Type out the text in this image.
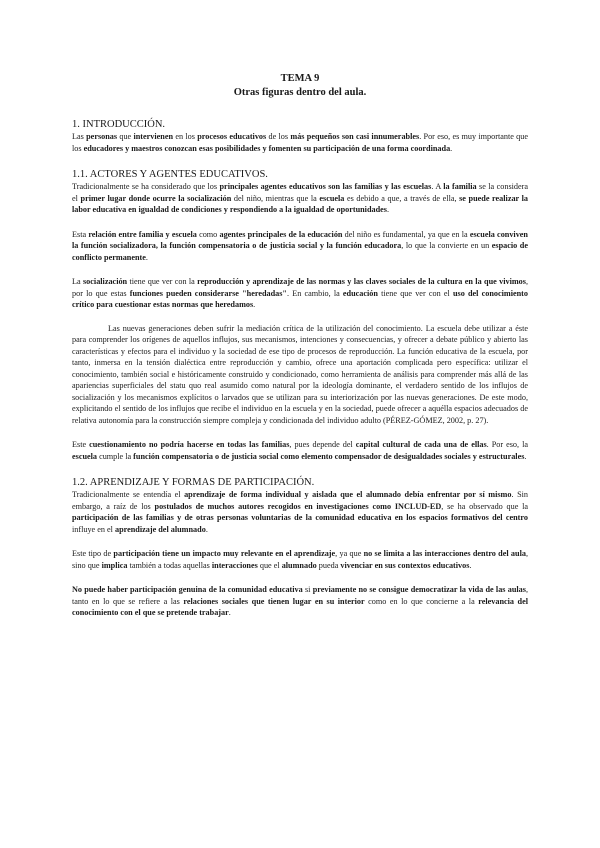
TEMA 9

Otras figuras dentro del aula.

1. INTRODUCCIÓN.

Las personas que intervienen en los procesos educativos de los más pequeños son casi innumerables. Por eso, es muy importante que los educadores y maestros conozcan esas posibilidades y fomenten su participación de una forma coordinada.

1.1. ACTORES Y AGENTES EDUCATIVOS.

Tradicionalmente se ha considerado que los principales agentes educativos son las familias y las escuelas. A la familia se la considera el primer lugar donde ocurre la socialización del niño, mientras que la escuela es debido a que, a través de ella, se puede realizar la labor educativa en igualdad de condiciones y respondiendo a la igualdad de oportunidades.

Esta relación entre familia y escuela como agentes principales de la educación del niño es fundamental, ya que en la escuela conviven la función socializadora, la función compensatoria o de justicia social y la función educadora, lo que la convierte en un espacio de conflicto permanente.

La socialización tiene que ver con la reproducción y aprendizaje de las normas y las claves sociales de la cultura en la que vivimos, por lo que estas funciones pueden considerarse "heredadas". En cambio, la educación tiene que ver con el uso del conocimiento crítico para cuestionar estas normas que heredamos.

Las nuevas generaciones deben sufrir la mediación crítica de la utilización del conocimiento. La escuela debe utilizar a éste para comprender los orígenes de aquellos influjos, sus mecanismos, intenciones y consecuencias, y ofrecer a debate público y abierto las características y efectos para el individuo y la sociedad de ese tipo de procesos de reproducción. La función educativa de la escuela, por tanto, inmersa en la tensión dialéctica entre reproducción y cambio, ofrece una aportación complicada pero específica: utilizar el conocimiento, también social e históricamente construido y condicionado, como herramienta de análisis para comprender más allá de las apariencias superficiales del statu quo real asumido como natural por la ideología dominante, el verdadero sentido de los influjos de socialización y los mecanismos explícitos o larvados que se utilizan para su interiorización por las nuevas generaciones. De este modo, explicitando el sentido de los influjos que recibe el individuo en la escuela y en la sociedad, puede ofrecer a aquélla espacios adecuados de relativa autonomía para la construcción siempre compleja y condicionada del individuo adulto (PÉREZ-GÓMEZ, 2002, p. 27).

Este cuestionamiento no podría hacerse en todas las familias, pues depende del capital cultural de cada una de ellas. Por eso, la escuela cumple la función compensatoria o de justicia social como elemento compensador de desigualdades sociales y estructurales.

1.2. APRENDIZAJE Y FORMAS DE PARTICIPACIÓN.

Tradicionalmente se entendía el aprendizaje de forma individual y aislada que el alumnado debía enfrentar por sí mismo. Sin embargo, a raíz de los postulados de muchos autores recogidos en investigaciones como INCLUD-ED, se ha observado que la participación de las familias y de otras personas voluntarias de la comunidad educativa en los espacios formativos del centro influye en el aprendizaje del alumnado.

Este tipo de participación tiene un impacto muy relevante en el aprendizaje, ya que no se limita a las interacciones dentro del aula, sino que implica también a todas aquellas interacciones que el alumnado pueda vivenciar en sus contextos educativos.

No puede haber participación genuina de la comunidad educativa si previamente no se consigue democratizar la vida de las aulas, tanto en lo que se refiere a las relaciones sociales que tienen lugar en su interior como en lo que concierne a la relevancia del conocimiento con el que se pretende trabajar.
